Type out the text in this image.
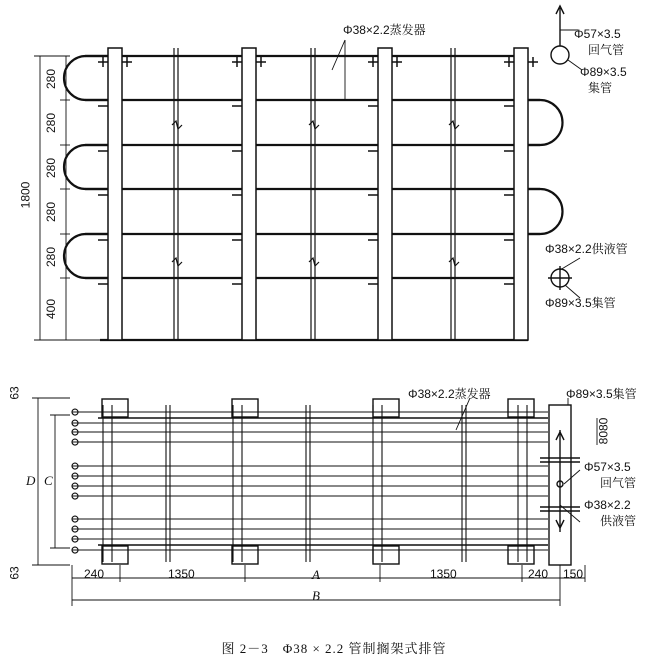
Φ38×2.2蒸发器	Φ57×3.5
回气管
Φ89×3.5
集管
Φ38×2.2供液管
Φ89×3.5集管
1800
280
280
280
280
280
400
Φ38×2.2蒸发器	Φ89×3.5集管
8080
Φ57×3.5
回气管
Φ38×2.2
供液管
63
63
D C
240	1350	A	1350	240 150
B
图 2－3　Φ38 × 2.2 管制搁架式排管
